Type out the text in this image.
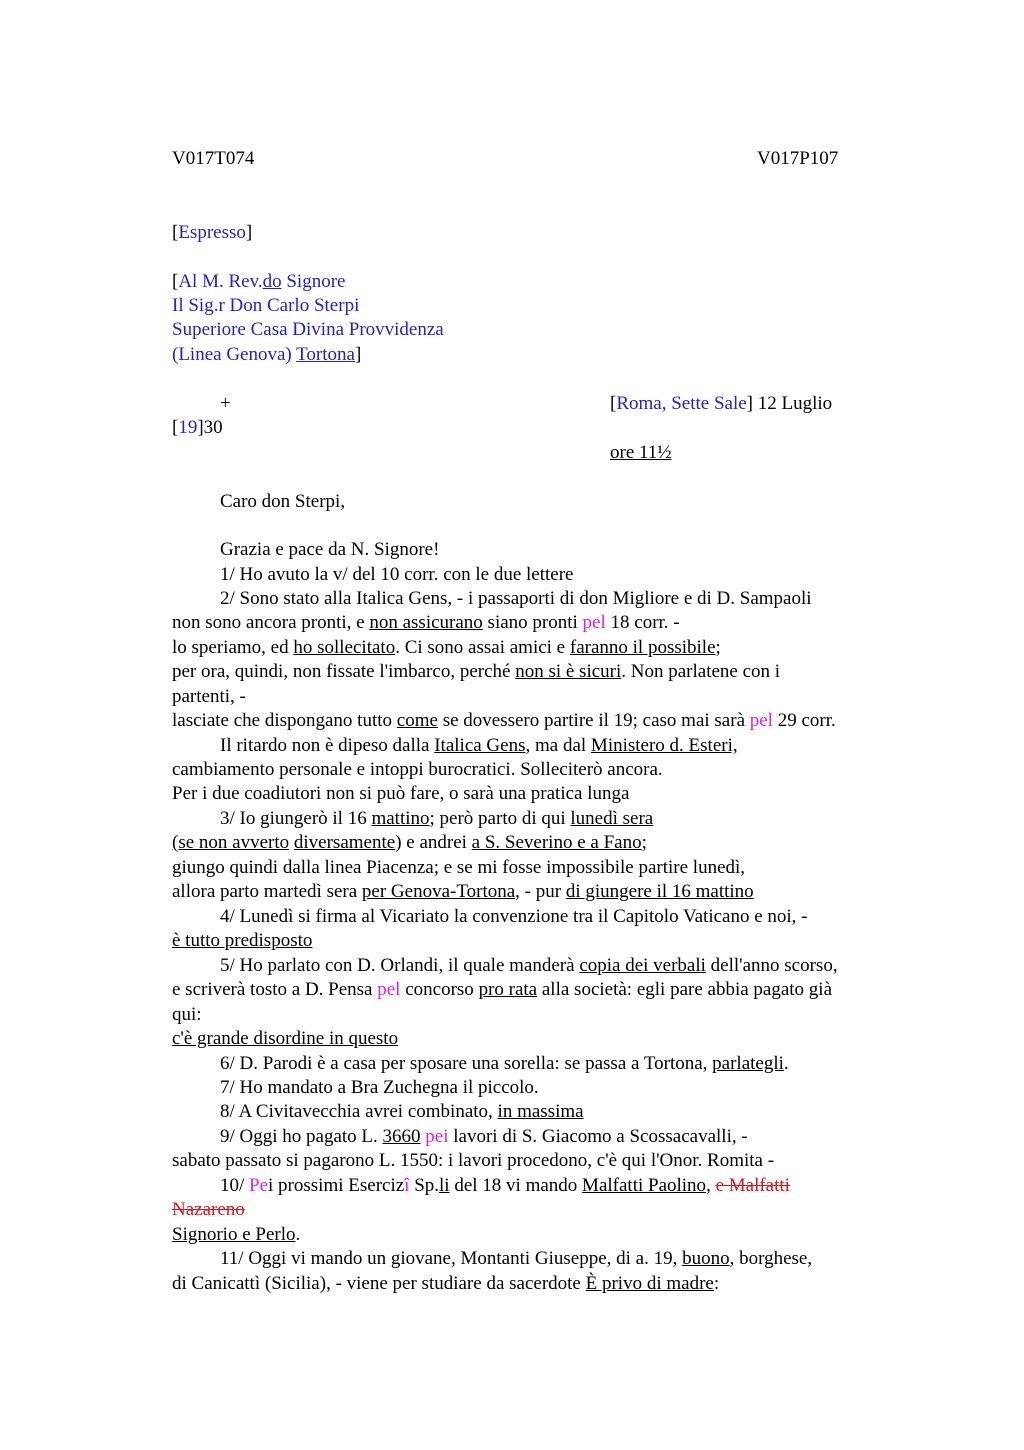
V017T074	V017P107
[Espresso]
[Al M. Rev.do Signore
Il Sig.r Don Carlo Sterpi
Superiore Casa Divina Provvidenza
(Linea Genova) Tortona]
+	[Roma, Sette Sale] 12 Luglio
[19]30
ore 11½
Caro don Sterpi,
Grazia e pace da N. Signore!
1/ Ho avuto la v/ del 10 corr. con le due lettere
2/ Sono stato alla Italica Gens, - i passaporti di don Migliore e di D. Sampaoli
non sono ancora pronti, e non assicurano siano pronti pel 18 corr. -
lo speriamo, ed ho sollecitato. Ci sono assai amici e faranno il possibile;
per ora, quindi, non fissate l'imbarco, perché non si è sicuri. Non parlatene con i
partenti, -
lasciate che dispongano tutto come se dovessero partire il 19; caso mai sarà pel 29 corr.
Il ritardo non è dipeso dalla Italica Gens, ma dal Ministero d. Esteri,
cambiamento personale e intoppi burocratici. Solleciterò ancora.
Per i due coadiutori non si può fare, o sarà una pratica lunga
3/ Io giungerò il 16 mattino; però parto di qui lunedì sera
(se non avverto diversamente) e andrei a S. Severino e a Fano;
giungo quindi dalla linea Piacenza; e se mi fosse impossibile partire lunedì,
allora parto martedì sera per Genova-Tortona, - pur di giungere il 16 mattino
4/ Lunedì si firma al Vicariato la convenzione tra il Capitolo Vaticano e noi, -
è tutto predisposto
5/ Ho parlato con D. Orlandi, il quale manderà copia dei verbali dell'anno scorso,
e scriverà tosto a D. Pensa pel concorso pro rata alla società: egli pare abbia pagato già
qui:
c'è grande disordine in questo
6/ D. Parodi è a casa per sposare una sorella: se passa a Tortona, parlategli.
7/ Ho mandato a Bra Zuchegna il piccolo.
8/ A Civitavecchia avrei combinato, in massima
9/ Oggi ho pagato L. 3660 pei lavori di S. Giacomo a Scossacavalli, -
sabato passato si pagarono L. 1550: i lavori procedono, c'è qui l'Onor. Romita -
10/ Pei prossimi Esercizî Sp.li del 18 vi mando Malfatti Paolino, e Malfatti
Nazareno
Signorio e Perlo.
11/ Oggi vi mando un giovane, Montanti Giuseppe, di a. 19, buono, borghese,
di Canicattì (Sicilia), - viene per studiare da sacerdote È privo di madre:
